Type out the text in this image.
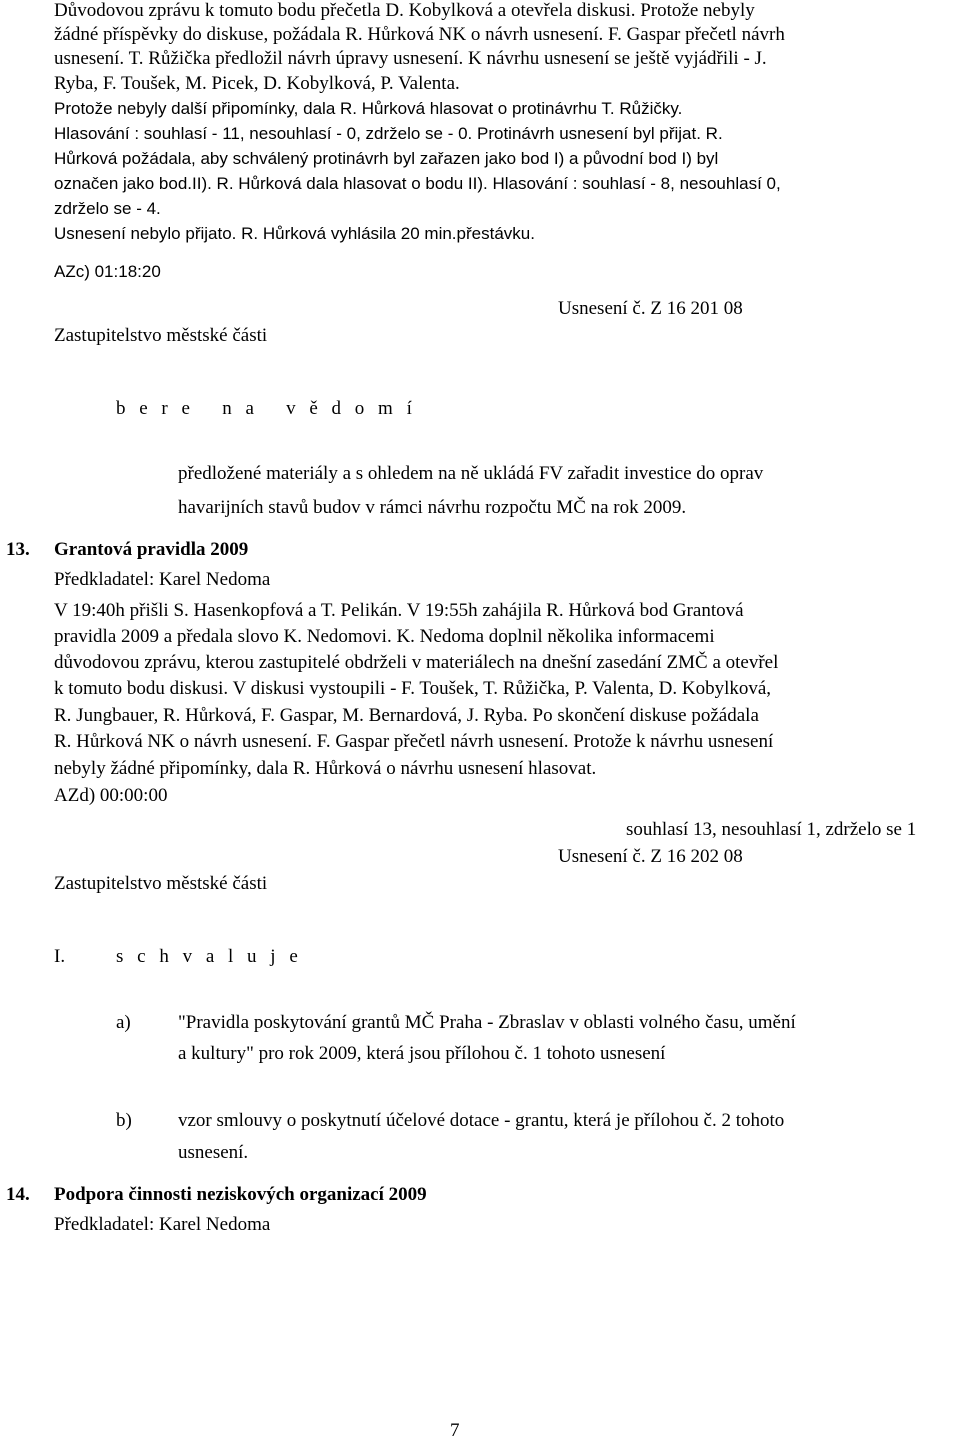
Důvodovou zprávu k tomuto bodu přečetla D. Kobylková a otevřela diskusi. Protože nebyly
žádné příspěvky do diskuse, požádala R. Hůrková NK o návrh usnesení. F. Gaspar přečetl návrh
usnesení. T. Růžička předložil návrh úpravy usnesení. K návrhu usnesení se ještě vyjádřili - J.
Ryba, F. Toušek, M. Picek, D. Kobylková, P. Valenta.
Protože nebyly další připomínky, dala R. Hůrková hlasovat o protinávrhu T. Růžičky.
Hlasování : souhlasí - 11, nesouhlasí - 0, zdrželo se - 0. Protinávrh usnesení byl přijat. R.
Hůrková požádala, aby schválený protinávrh byl zařazen jako bod I) a původní bod I) byl
označen jako bod.II). R. Hůrková dala hlasovat o bodu II). Hlasování : souhlasí - 8, nesouhlasí 0,
zdrželo se - 4.
Usnesení nebylo přijato. R. Hůrková vyhlásila 20 min.přestávku.
AZc) 01:18:20
Usnesení č. Z 16 201 08
Zastupitelstvo městské části
b e r e   n a   v ě d o m í
předložené materiály a s ohledem na ně ukládá FV zařadit investice do oprav
havarijních stavů budov v rámci návrhu rozpočtu MČ na rok 2009.
13. Grantová pravidla 2009
Předkladatel: Karel Nedoma
V 19:40h přišli S. Hasenkopfová a T. Pelikán. V 19:55h zahájila R. Hůrková bod Grantová
pravidla 2009 a předala slovo K. Nedomovi. K. Nedoma doplnil několika informacemi
důvodovou zprávu, kterou zastupitelé obdrželi v materiálech na dnešní zasedání ZMČ a otevřel
k tomuto bodu diskusi. V diskusi vystoupili - F. Toušek, T. Růžička, P. Valenta, D. Kobylková,
R. Jungbauer, R. Hůrková, F. Gaspar, M. Bernardová, J. Ryba. Po skončení diskuse požádala
R. Hůrková NK o návrh usnesení. F. Gaspar přečetl návrh usnesení. Protože k návrhu usnesení
nebyly žádné připomínky, dala R. Hůrková o návrhu usnesení hlasovat.
AZd) 00:00:00
souhlasí 13, nesouhlasí 1, zdrželo se 1
Usnesení č. Z 16 202 08
Zastupitelstvo městské části
I.	s c h v a l u j e
a) "Pravidla poskytování grantů MČ Praha - Zbraslav v oblasti volného času, umění
a kultury" pro rok 2009, která jsou přílohou č. 1 tohoto usnesení
b) vzor smlouvy o poskytnutí účelové dotace - grantu, která je přílohou č. 2 tohoto
usnesení.
14. Podpora činnosti neziskových organizací 2009
Předkladatel: Karel Nedoma
7
